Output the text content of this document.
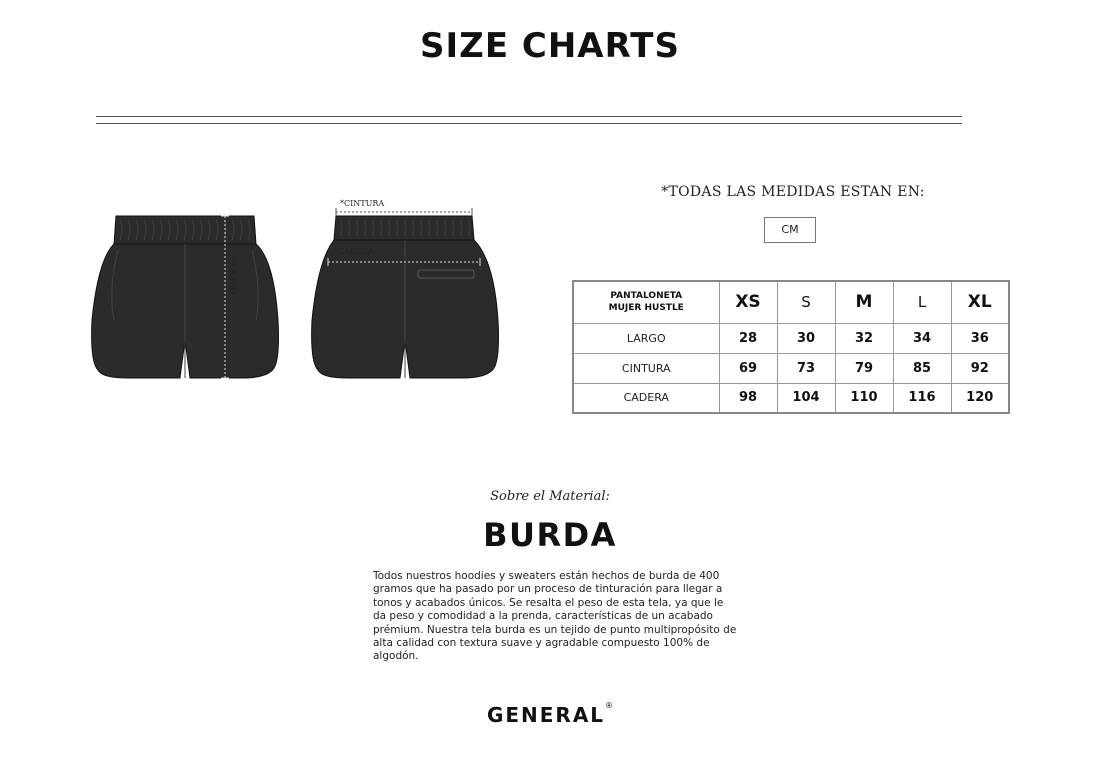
SIZE CHARTS
*LARGO
*CINTURA
*CADERA
*TODAS LAS MEDIDAS ESTAN EN:
CM
PANTALONETA
MUJER HUSTLE	XS	S	M	L	XL
LARGO	28	30	32	34	36
CINTURA	69	73	79	85	92
CADERA	98	104	110	116	120
Sobre el Material:
BURDA
Todos nuestros hoodies y sweaters están hechos de burda de 400 gramos que ha pasado por un proceso de tinturación para llegar a tonos y acabados únicos. Se resalta el peso de esta tela, ya que le da peso y comodidad a la prenda, características de un acabado prémium. Nuestra tela burda es un tejido de punto multipropósito de alta calidad con textura suave y agradable compuesto 100% de algodón.
GENERAL®
